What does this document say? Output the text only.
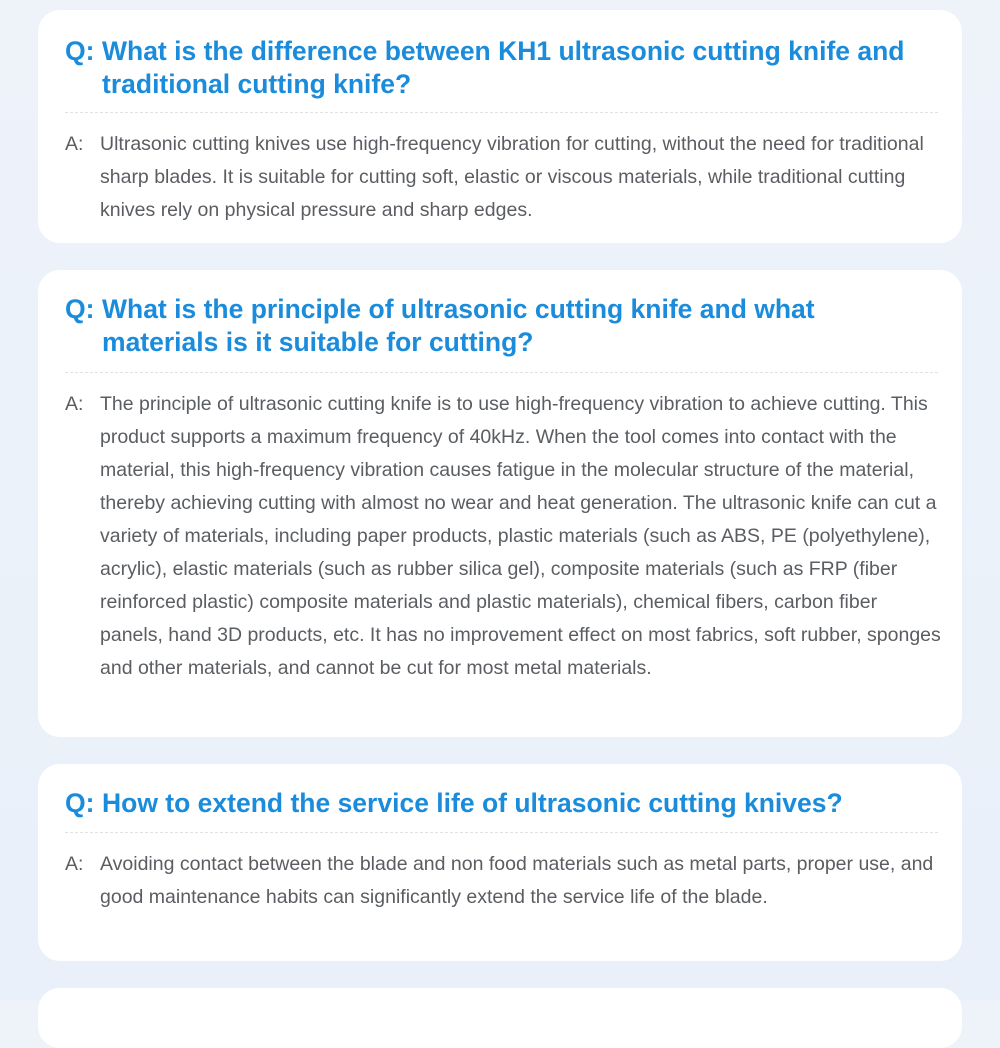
Q: What is the difference between KH1 ultrasonic cutting knife and traditional cutting knife?
A: Ultrasonic cutting knives use high-frequency vibration for cutting, without the need for traditional sharp blades. It is suitable for cutting soft, elastic or viscous materials, while traditional cutting knives rely on physical pressure and sharp edges.
Q: What is the principle of ultrasonic cutting knife and what materials is it suitable for cutting?
A: The principle of ultrasonic cutting knife is to use high-frequency vibration to achieve cutting. This product supports a maximum frequency of 40kHz. When the tool comes into contact with the material, this high-frequency vibration causes fatigue in the molecular structure of the material, thereby achieving cutting with almost no wear and heat generation. The ultrasonic knife can cut a variety of materials, including paper products, plastic materials (such as ABS, PE (polyethylene), acrylic), elastic materials (such as rubber silica gel), composite materials (such as FRP (fiber reinforced plastic) composite materials and plastic materials), chemical fibers, carbon fiber panels, hand 3D products, etc. It has no improvement effect on most fabrics, soft rubber, sponges and other materials, and cannot be cut for most metal materials.
Q: How to extend the service life of ultrasonic cutting knives?
A: Avoiding contact between the blade and non food materials such as metal parts, proper use, and good maintenance habits can significantly extend the service life of the blade.
